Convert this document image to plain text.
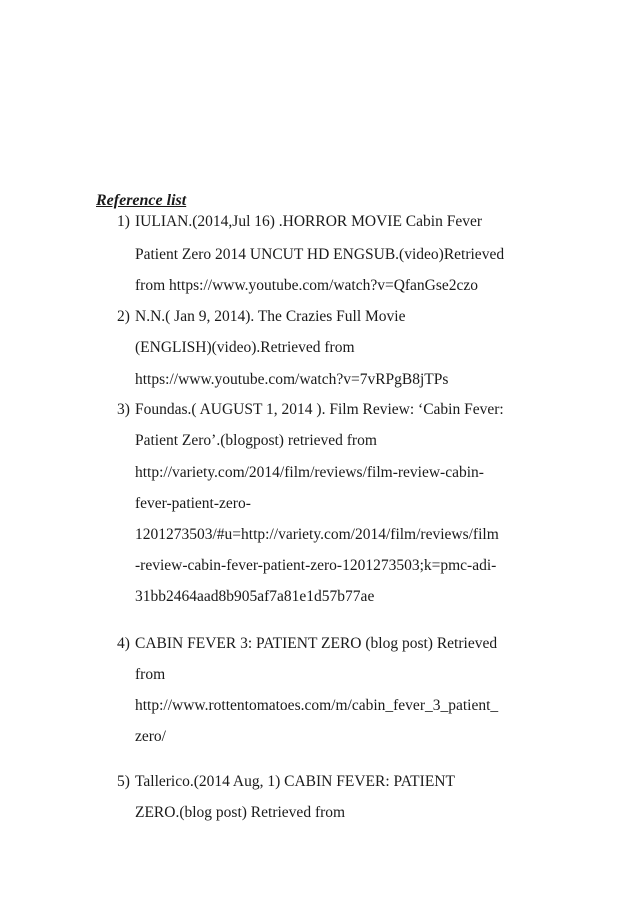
Reference list
1) IULIAN.(2014,Jul 16) .HORROR MOVIE Cabin Fever
Patient Zero 2014 UNCUT HD ENGSUB.(video)Retrieved
from https://www.youtube.com/watch?v=QfanGse2czo
2) N.N.( Jan 9, 2014). The Crazies Full Movie
(ENGLISH)(video).Retrieved from
https://www.youtube.com/watch?v=7vRPgB8jTPs
3) Foundas.( AUGUST 1, 2014 ). Film Review: ‘Cabin Fever:
Patient Zero’.(blogpost) retrieved from
http://variety.com/2014/film/reviews/film-review-cabin-
fever-patient-zero-
1201273503/#u=http://variety.com/2014/film/reviews/film
-review-cabin-fever-patient-zero-1201273503;k=pmc-adi-
31bb2464aad8b905af7a81e1d57b77ae
4) CABIN FEVER 3: PATIENT ZERO (blog post) Retrieved
from
http://www.rottentomatoes.com/m/cabin_fever_3_patient_
zero/
5) Tallerico.(2014 Aug, 1) CABIN FEVER: PATIENT
ZERO.(blog post) Retrieved from
